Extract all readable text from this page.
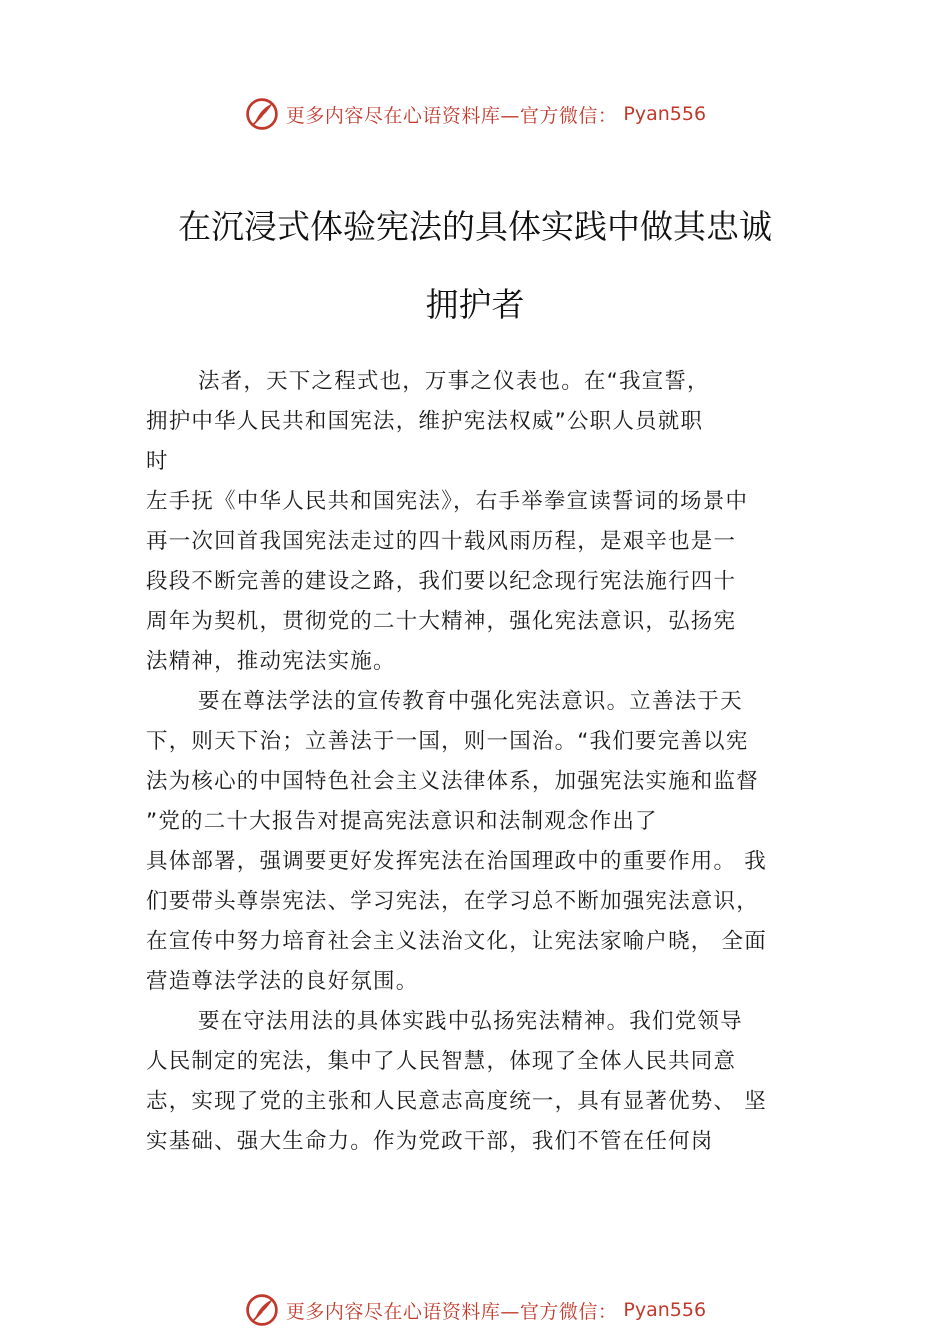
更多内容尽在心语资料库—官方微信： Pyan556
在沉浸式体验宪法的具体实践中做其忠诚
拥护者
法者，天下之程式也，万事之仪表也。在“我宣誓，
拥护中华人民共和国宪法，维护宪法权威”公职人员就职
时
左手抚《中华人民共和国宪法》，右手举拳宣读誓词的场景中
再一次回首我国宪法走过的四十载风雨历程，是艰辛也是一
段段不断完善的建设之路，我们要以纪念现行宪法施行四十
周年为契机，贯彻党的二十大精神，强化宪法意识，弘扬宪
法精神，推动宪法实施。
要在尊法学法的宣传教育中强化宪法意识。立善法于天
下，则天下治；立善法于一国，则一国治。“我们要完善以宪
法为核心的中国特色社会主义法律体系，加强宪法实施和监督
”党的二十大报告对提高宪法意识和法制观念作出了
具体部署，强调要更好发挥宪法在治国理政中的重要作用。 我
们要带头尊崇宪法、学习宪法，在学习总不断加强宪法意识，
在宣传中努力培育社会主义法治文化，让宪法家喻户晓， 全面
营造尊法学法的良好氛围。
要在守法用法的具体实践中弘扬宪法精神。我们党领导
人民制定的宪法，集中了人民智慧，体现了全体人民共同意
志，实现了党的主张和人民意志高度统一，具有显著优势、 坚
实基础、强大生命力。作为党政干部，我们不管在任何岗
更多内容尽在心语资料库—官方微信： Pyan556
